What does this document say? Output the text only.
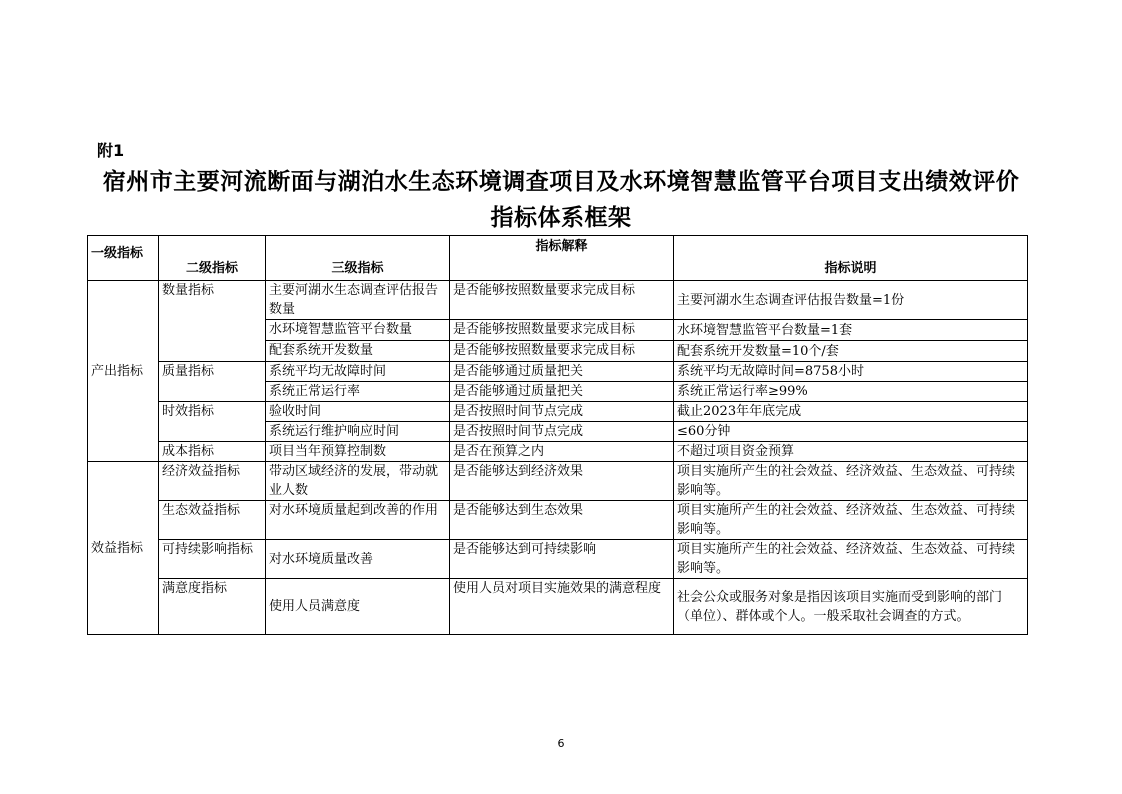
附1
宿州市主要河流断面与湖泊水生态环境调查项目及水环境智慧监管平台项目支出绩效评价
指标体系框架
一级指标	二级指标	三级指标	指标解释	指标说明
产出指标	数量指标	主要河湖水生态调查评估报告数量	是否能够按照数量要求完成目标	主要河湖水生态调查评估报告数量=1份
		水环境智慧监管平台数量	是否能够按照数量要求完成目标	水环境智慧监管平台数量=1套
		配套系统开发数量	是否能够按照数量要求完成目标	配套系统开发数量=10个/套
	质量指标	系统平均无故障时间	是否能够通过质量把关	系统平均无故障时间=8758小时
		系统正常运行率	是否能够通过质量把关	系统正常运行率≥99%
	时效指标	验收时间	是否按照时间节点完成	截止2023年年底完成
		系统运行维护响应时间	是否按照时间节点完成	≤60分钟
	成本指标	项目当年预算控制数	是否在预算之内	不超过项目资金预算
效益指标	经济效益指标	带动区域经济的发展，带动就业人数	是否能够达到经济效果	项目实施所产生的社会效益、经济效益、生态效益、可持续影响等。
	生态效益指标	对水环境质量起到改善的作用	是否能够达到生态效果	项目实施所产生的社会效益、经济效益、生态效益、可持续影响等。
	可持续影响指标	对水环境质量改善	是否能够达到可持续影响	项目实施所产生的社会效益、经济效益、生态效益、可持续影响等。
	满意度指标	使用人员满意度	使用人员对项目实施效果的满意程度	社会公众或服务对象是指因该项目实施而受到影响的部门（单位）、群体或个人。一般采取社会调查的方式。
6
